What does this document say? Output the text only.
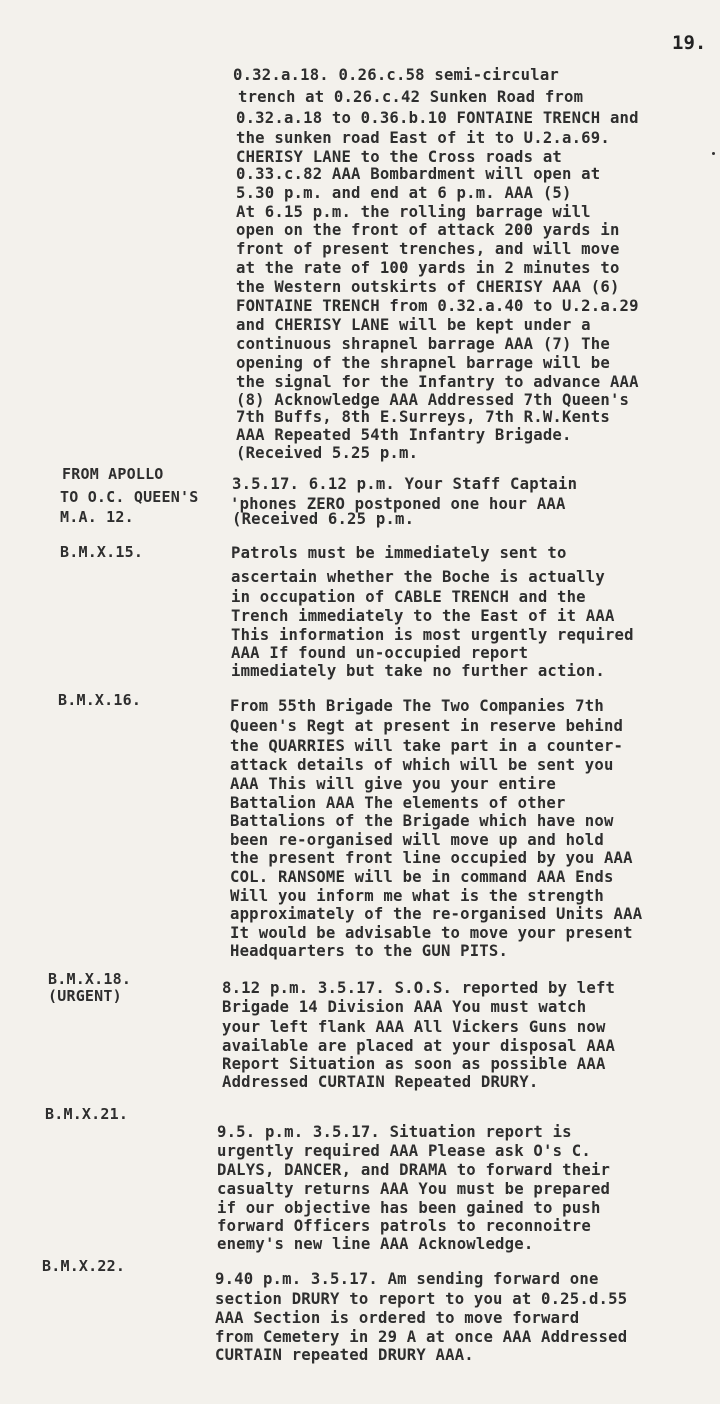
19.
0.32.a.18. 0.26.c.58 semi-circular
trench at 0.26.c.42 Sunken Road from
0.32.a.18 to 0.36.b.10 FONTAINE TRENCH and
the sunken road East of it to U.2.a.69.
CHERISY LANE to the Cross roads at
0.33.c.82 AAA Bombardment will open at
5.30 p.m. and end at 6 p.m. AAA (5)
At 6.15 p.m. the rolling barrage will
open on the front of attack 200 yards in
front of present trenches, and will move
at the rate of 100 yards in 2 minutes to
the Western outskirts of CHERISY AAA (6)
FONTAINE TRENCH from 0.32.a.40 to U.2.a.29
and CHERISY LANE will be kept under a
continuous shrapnel barrage AAA (7) The
opening of the shrapnel barrage will be
the signal for the Infantry to advance AAA
(8) Acknowledge AAA Addressed 7th Queen's
7th Buffs, 8th E.Surreys, 7th R.W.Kents
AAA Repeated 54th Infantry Brigade.
(Received 5.25 p.m.
FROM APOLLO
TO O.C. QUEEN'S
M.A. 12.
3.5.17. 6.12 p.m. Your Staff Captain
'phones ZERO postponed one hour AAA
(Received 6.25 p.m.
B.M.X.15.	Patrols must be immediately sent to
ascertain whether the Boche is actually
in occupation of CABLE TRENCH and the
Trench immediately to the East of it AAA
This information is most urgently required
AAA If found un-occupied report
immediately but take no further action.
B.M.X.16.	From 55th Brigade The Two Companies 7th
Queen's Regt at present in reserve behind
the QUARRIES will take part in a counter-
attack details of which will be sent you
AAA This will give you your entire
Battalion AAA The elements of other
Battalions of the Brigade which have now
been re-organised will move up and hold
the present front line occupied by you AAA
COL. RANSOME will be in command AAA Ends
Will you inform me what is the strength
approximately of the re-organised Units AAA
It would be advisable to move your present
Headquarters to the GUN PITS.
B.M.X.18.
(URGENT)	8.12 p.m. 3.5.17. S.O.S. reported by left
Brigade 14 Division AAA You must watch
your left flank AAA All Vickers Guns now
available are placed at your disposal AAA
Report Situation as soon as possible AAA
Addressed CURTAIN Repeated DRURY.
B.M.X.21.
9.5. p.m. 3.5.17. Situation report is
urgently required AAA Please ask O's C.
DALYS, DANCER, and DRAMA to forward their
casualty returns AAA You must be prepared
if our objective has been gained to push
forward Officers patrols to reconnoitre
enemy's new line AAA Acknowledge.
B.M.X.22.
9.40 p.m. 3.5.17. Am sending forward one
section DRURY to report to you at 0.25.d.55
AAA Section is ordered to move forward
from Cemetery in 29 A at once AAA Addressed
CURTAIN repeated DRURY AAA.
